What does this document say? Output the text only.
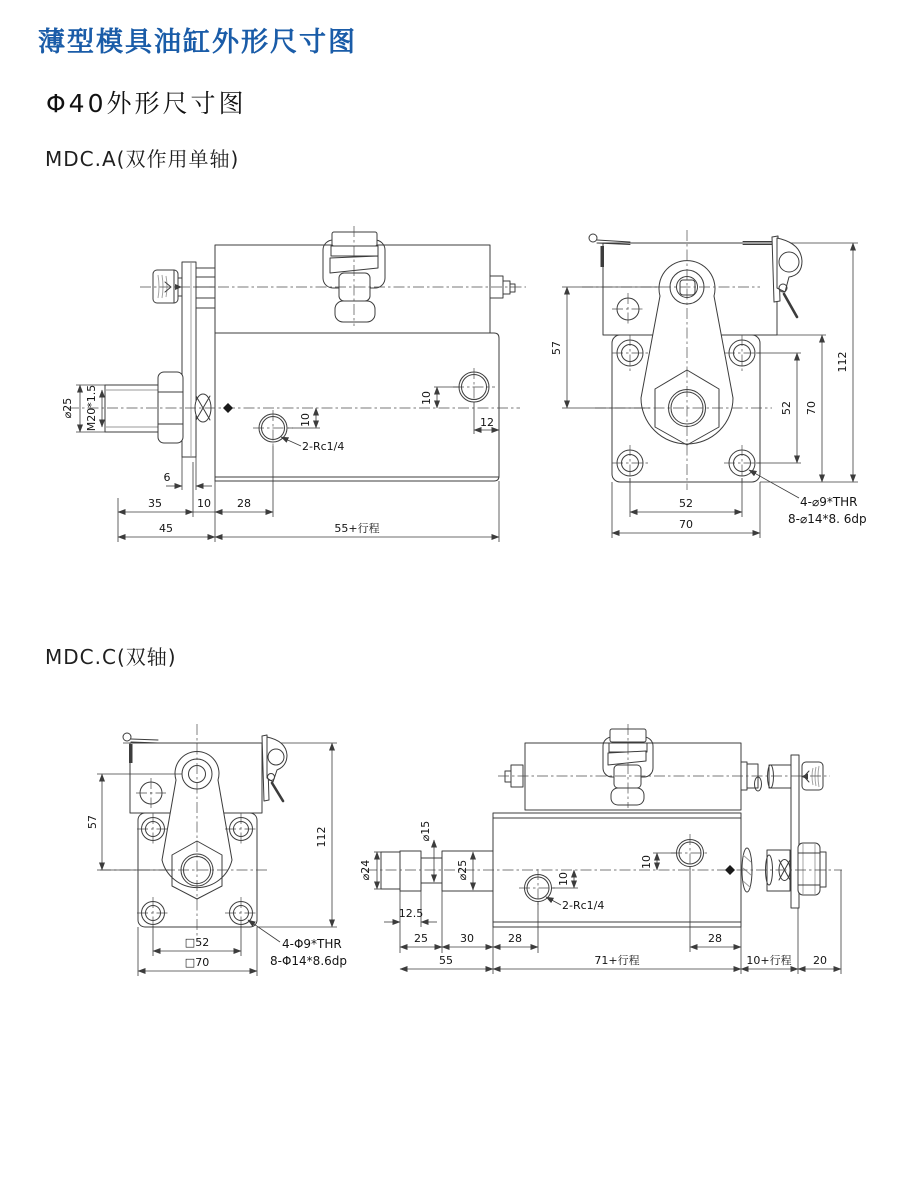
薄型模具油缸外形尺寸图
Φ40外形尺寸图
MDC.A(双作用单轴)
MDC.C(双轴)
⌀25 M20*1.5	10
10
12
2-Rc1/4
6
35	10 28
45	55+行程
57
112
52 70
52
70
4-⌀9*THR
8-⌀14*8. 6dp
57
112
□52
□70
4-Φ9*THR
8-Φ14*8.6dp
⌀24
⌀15
⌀25	10
2-Rc1/4
10
12.5
25	30	28	28
55	71+行程	10+行程 20
